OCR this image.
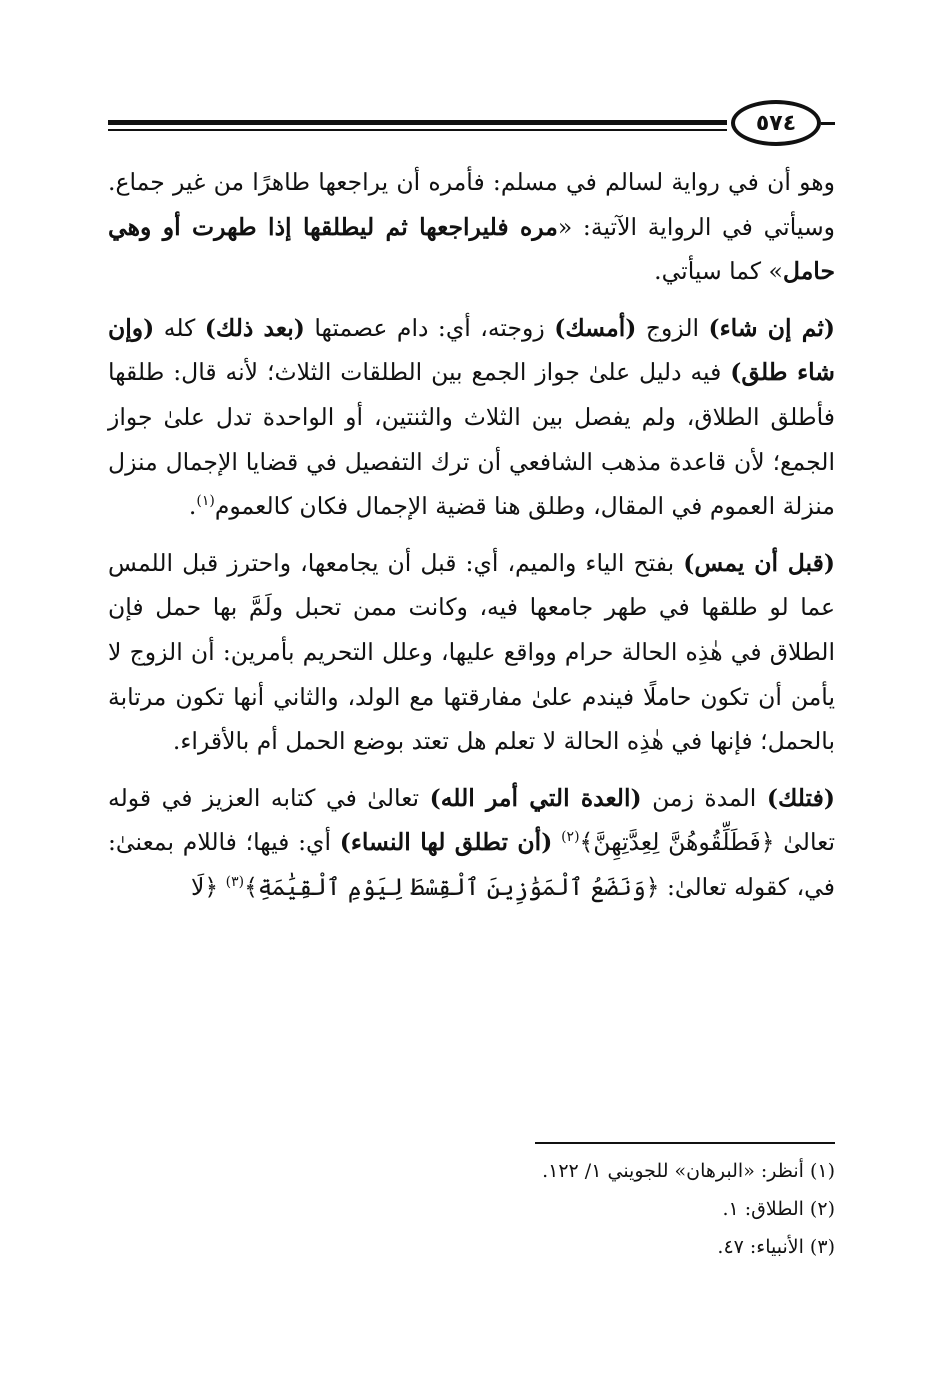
٥٧٤

وهو أن في رواية لسالم في مسلم: فأمره أن يراجعها طاهرًا من غير جماع. وسيأتي في الرواية الآتية: «مره فليراجعها ثم ليطلقها إذا طهرت أو وهي حامل» كما سيأتي.

(ثم إن شاء) الزوج (أمسك) زوجته، أي: دام عصمتها (بعد ذلك) كله (وإن شاء طلق) فيه دليل علىٰ جواز الجمع بين الطلقات الثلاث؛ لأنه قال: طلقها فأطلق الطلاق، ولم يفصل بين الثلاث والثنتين، أو الواحدة تدل علىٰ جواز الجمع؛ لأن قاعدة مذهب الشافعي أن ترك التفصيل في قضايا الإجمال منزل منزلة العموم في المقال، وطلق هنا قضية الإجمال فكان كالعموم$^{(١)}$.

(قبل أن يمس) بفتح الياء والميم، أي: قبل أن يجامعها، واحترز قبل اللمس عما لو طلقها في طهر جامعها فيه، وكانت ممن تحبل ولَمَّ بها حمل فإن الطلاق في هٰذِه الحالة حرام وواقع عليها، وعلل التحريم بأمرين: أن الزوج لا يأمن أن تكون حاملًا فيندم علىٰ مفارقتها مع الولد، والثاني أنها تكون مرتابة بالحمل؛ فإنها في هٰذِه الحالة لا تعلم هل تعتد بوضع الحمل أم بالأقراء.

(فتلك) المدة زمن (العدة التي أمر الله) تعالىٰ في كتابه العزيز في قوله تعالىٰ ﴿فَطَلِّقُوهُنَّ لِعِدَّتِهِنَّ﴾$^{(٢)}$ (أن تطلق لها النساء) أي: فيها؛ فاللام بمعنىٰ: في، كقوله تعالىٰ: ﴿وَنَضَعُ ٱلْمَوَٰزِينَ ٱلْقِسْطَ لِيَوْمِ ٱلْقِيَٰمَةِ﴾$^{(٣)}$ ﴿لَا

(١) أنظر: «البرهان» للجويني ١/ ١٢٢.
(٢) الطلاق: ١.
(٣) الأنبياء: ٤٧.
